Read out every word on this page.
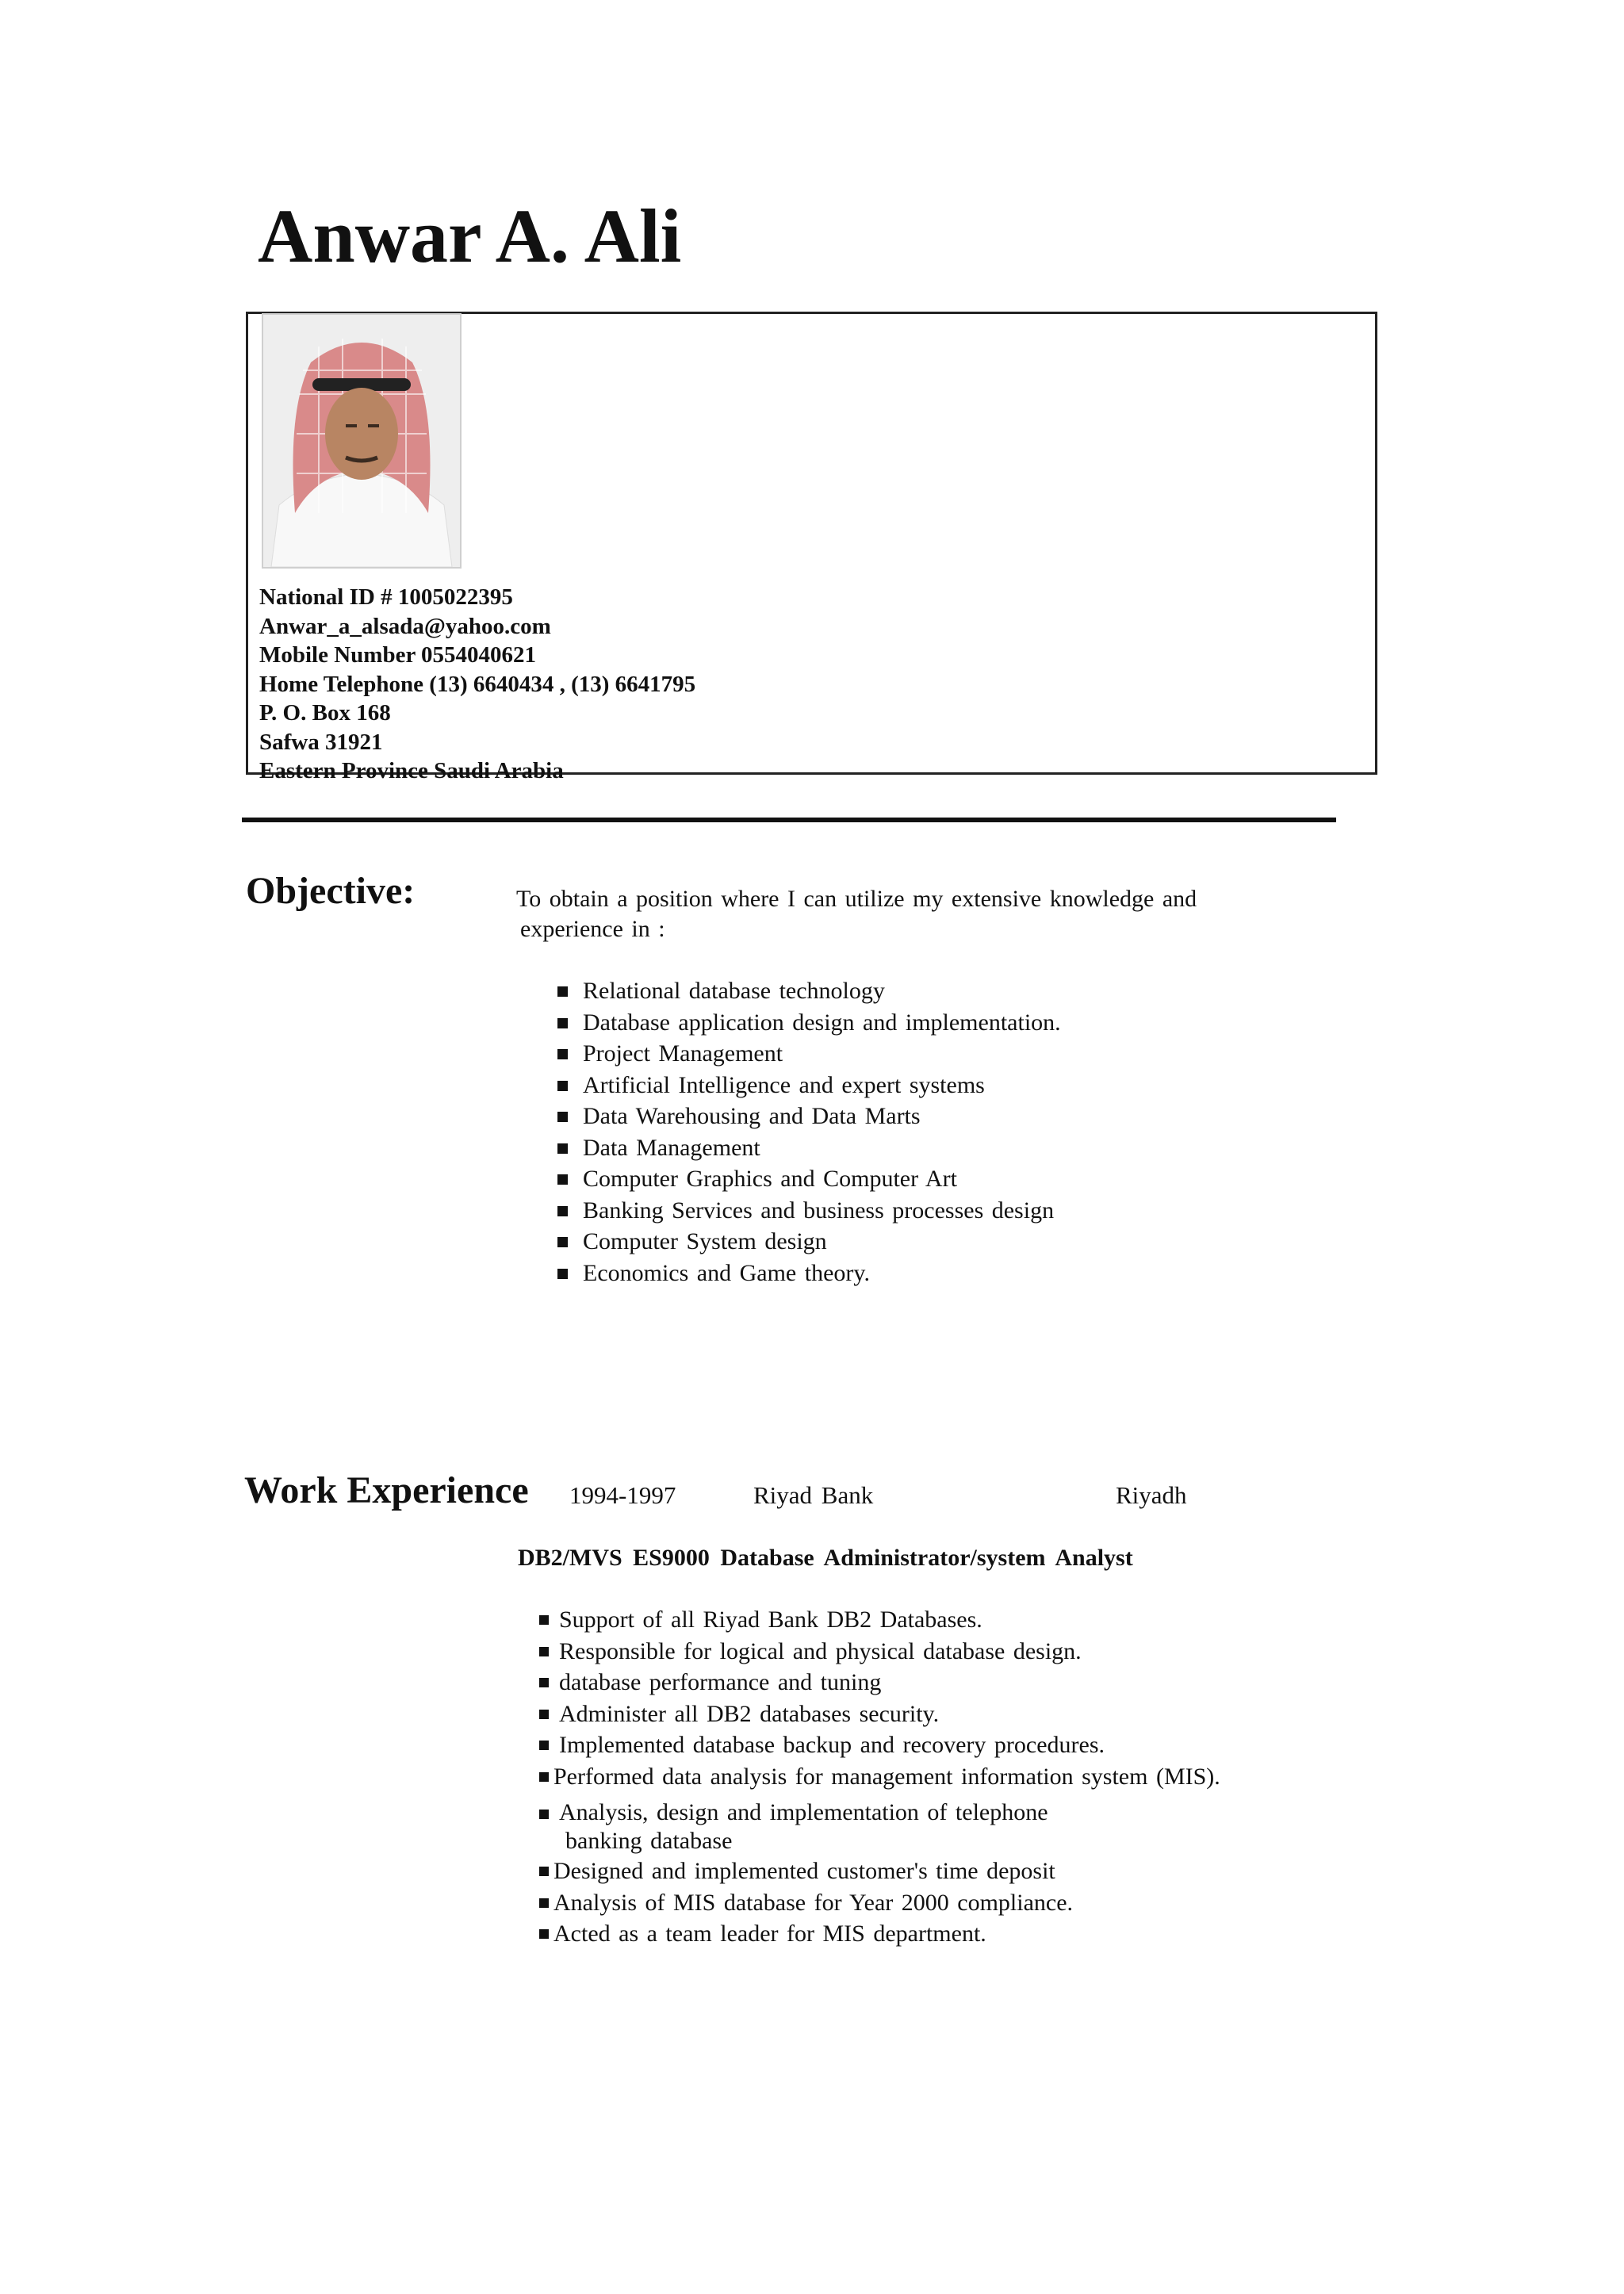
Anwar A. Ali
National ID # 1005022395
Anwar_a_alsada@yahoo.com
Mobile Number 0554040621
Home Telephone (13) 6640434 , (13) 6641795
P. O. Box 168
Safwa 31921
Eastern Province Saudi Arabia
Objective:	To obtain a position where I can utilize my extensive knowledge and
experience in :
Relational database technology
Database application design and implementation.
Project Management
Artificial Intelligence and expert systems
Data Warehousing and Data Marts
Data Management
Computer Graphics and Computer Art
Banking Services and business processes design
Computer System design
Economics and Game theory.
Work Experience 1994-1997	Riyad Bank	Riyadh
DB2/MVS ES9000 Database Administrator/system Analyst
Support of all Riyad Bank DB2 Databases.
Responsible for logical and physical database design.
database performance and tuning
Administer all DB2 databases security.
Implemented database backup and recovery procedures.
Performed data analysis for management information system (MIS).
Analysis, design and implementation of telephone
banking database
Designed and implemented customer's time deposit
Analysis of MIS database for Year 2000 compliance.
Acted as a team leader for MIS department.
